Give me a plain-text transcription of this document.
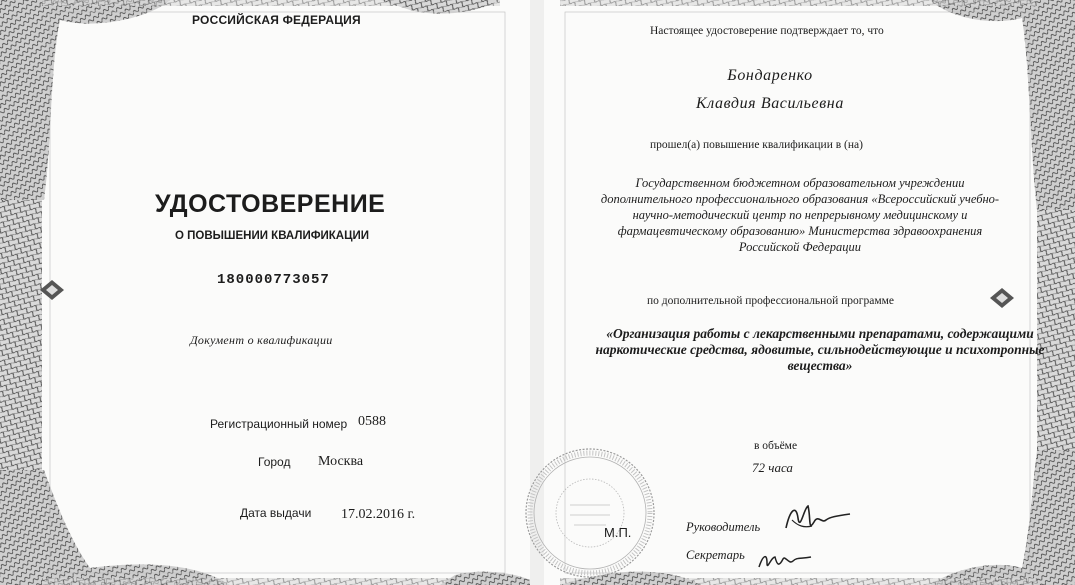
РОССИЙСКАЯ ФЕДЕРАЦИЯ
УДОСТОВЕРЕНИЕ
О ПОВЫШЕНИИ КВАЛИФИКАЦИИ
180000773057
Документ о квалификации
Регистрационный номер 0588
Город Москва
Дата выдачи 17.02.2016 г.
Настоящее удостоверение подтверждает то, что
Бондаренко
Клавдия Васильевна
прошел(а) повышение квалификации в (на)
Государственном бюджетном образовательном учреждении дополнительного профессионального образования «Всероссийский учебно-научно-методический центр по непрерывному медицинскому и фармацевтическому образованию» Министерства здравоохранения Российской Федерации
по дополнительной профессиональной программе
«Организация работы с лекарственными препаратами, содержащими наркотические средства, ядовитые, сильнодействующие и психотропные вещества»
в объёме
72 часа
М.П.	Руководитель
Секретарь
